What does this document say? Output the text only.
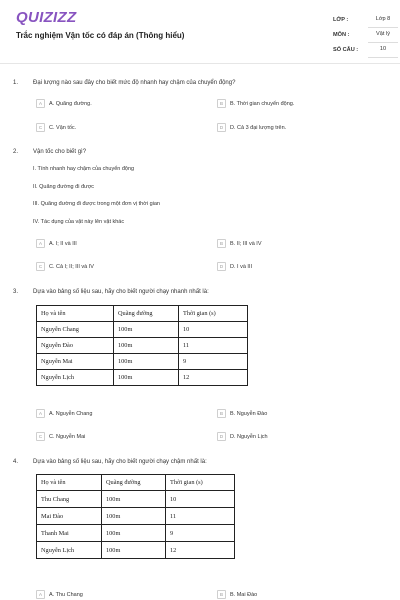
QUIZIZZ
Trắc nghiệm Vận tốc có đáp án (Thông hiểu)
LỚP :	Lớp 8
MÔN :	Vật lý
SỐ CÂU :	10
1. Đại lượng nào sau đây cho biết mức độ nhanh hay chậm của chuyển động?
A	A. Quãng đường.	B	B. Thời gian chuyển động.
C	C. Vận tốc.	D	D. Cả 3 đại lượng trên.
2. Vận tốc cho biết gì?
I. Tính nhanh hay chậm của chuyển động
II. Quãng đường đi được
III. Quãng đường đi được trong một đơn vị thời gian
IV. Tác dụng của vật này lên vật khác
A	A. I; II và III	B	B. II; III và IV
C	C. Cả I; II; III và IV	D	D. I và III
3. Dựa vào bảng số liệu sau, hãy cho biết người chạy nhanh nhất là:
Họ và tên	Quãng đường	Thời gian (s)
Nguyễn Chang	100m	10
Nguyễn Đào	100m	11
Nguyễn Mai	100m	9
Nguyễn Lịch	100m	12
A	A. Nguyễn Chang	B	B. Nguyễn Đào
C	C. Nguyễn Mai	D	D. Nguyễn Lịch
4. Dựa vào bảng số liệu sau, hãy cho biết người chạy chậm nhất là:
Họ và tên	Quãng đường	Thời gian (s)
Thu Chang	100m	10
Mai Đào	100m	11
Thanh Mai	100m	9
Nguyễn Lịch	100m	12
A	A. Thu Chang	B	B. Mai Đào
